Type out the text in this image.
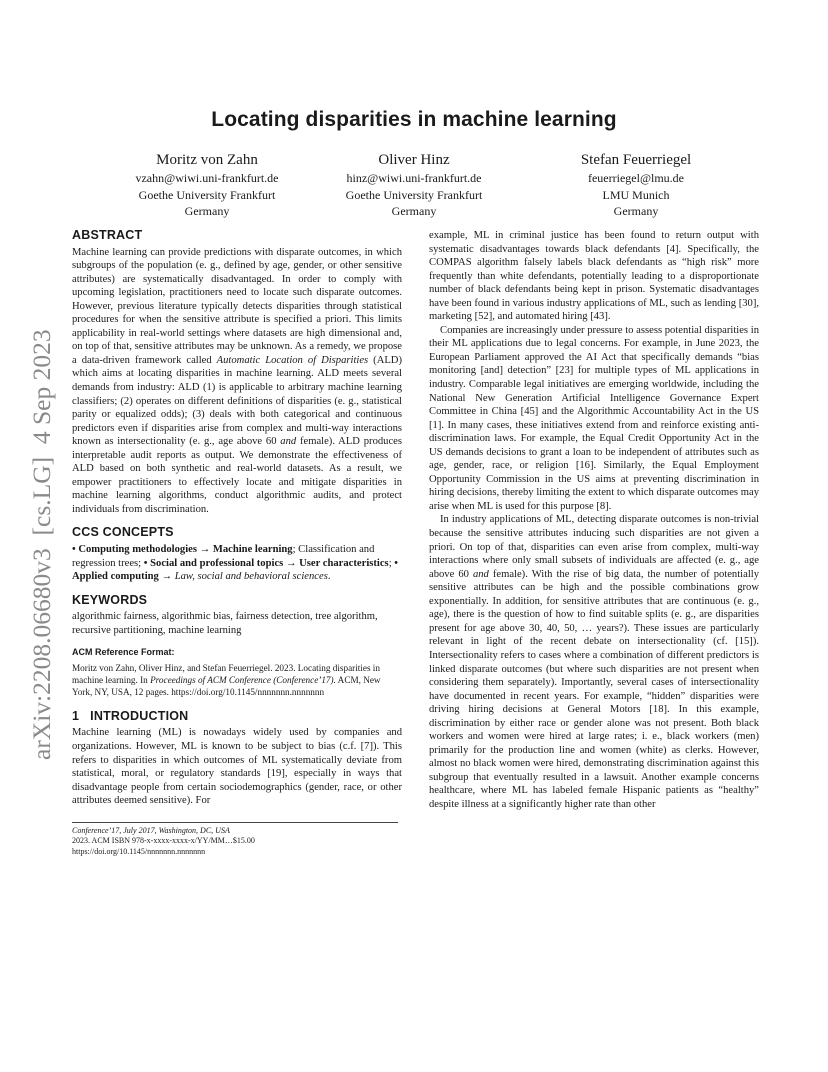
arXiv:2208.06680v3  [cs.LG]  4 Sep 2023
Locating disparities in machine learning
Moritz von Zahn
vzahn@wiwi.uni-frankfurt.de
Goethe University Frankfurt
Germany
Oliver Hinz
hinz@wiwi.uni-frankfurt.de
Goethe University Frankfurt
Germany
Stefan Feuerriegel
feuerriegel@lmu.de
LMU Munich
Germany
ABSTRACT

Machine learning can provide predictions with disparate outcomes, in which subgroups of the population (e. g., defined by age, gender, or other sensitive attributes) are systematically disadvantaged. In order to comply with upcoming legislation, practitioners need to locate such disparate outcomes. However, previous literature typically detects disparities through statistical procedures for when the sensitive attribute is specified a priori. This limits applicability in real-world settings where datasets are high dimensional and, on top of that, sensitive attributes may be unknown. As a remedy, we propose a data-driven framework called Automatic Location of Disparities (ALD) which aims at locating disparities in machine learning. ALD meets several demands from industry: ALD (1) is applicable to arbitrary machine learning classifiers; (2) operates on different definitions of disparities (e. g., statistical parity or equalized odds); (3) deals with both categorical and continuous predictors even if disparities arise from complex and multi-way interactions known as intersectionality (e. g., age above 60 and female). ALD produces interpretable audit reports as output. We demonstrate the effectiveness of ALD based on both synthetic and real-world datasets. As a result, we empower practitioners to effectively locate and mitigate disparities in machine learning algorithms, conduct algorithmic audits, and protect individuals from discrimination.

CCS CONCEPTS

• Computing methodologies → Machine learning; Classification and regression trees; • Social and professional topics → User characteristics; • Applied computing → Law, social and behavioral sciences.

KEYWORDS

algorithmic fairness, algorithmic bias, fairness detection, tree algorithm, recursive partitioning, machine learning

ACM Reference Format:
Moritz von Zahn, Oliver Hinz, and Stefan Feuerriegel. 2023. Locating disparities in machine learning. In Proceedings of ACM Conference (Conference’17). ACM, New York, NY, USA, 12 pages. https://doi.org/10.1145/nnnnnnn.nnnnnnn
1   INTRODUCTION

Machine learning (ML) is nowadays widely used by companies and organizations. However, ML is known to be subject to bias (c.f. [7]). This refers to disparities in which outcomes of ML systematically deviate from statistical, moral, or regulatory standards [19], especially in ways that disadvantage people from certain sociodemographics (gender, race, or other attributes deemed sensitive). For

Conference’17, July 2017, Washington, DC, USA
2023. ACM ISBN 978-x-xxxx-xxxx-x/YY/MM…$15.00
https://doi.org/10.1145/nnnnnnn.nnnnnnn

example, ML in criminal justice has been found to return output with systematic disadvantages towards black defendants [4]. Specifically, the COMPAS algorithm falsely labels black defendants as “high risk” more frequently than white defendants, potentially leading to a disproportionate number of black defendants being kept in prison. Systematic disadvantages have been found in various industry applications of ML, such as lending [30], marketing [52], and automated hiring [43].

Companies are increasingly under pressure to assess potential disparities in their ML applications due to legal concerns. For example, in June 2023, the European Parliament approved the AI Act that specifically demands “bias monitoring [and] detection” [23] for multiple types of ML applications in industry. Comparable legal initiatives are emerging worldwide, including the National New Generation Artificial Intelligence Governance Expert Committee in China [45] and the Algorithmic Accountability Act in the US [1]. In many cases, these initiatives extend from and reinforce existing anti-discrimination laws. For example, the Equal Credit Opportunity Act in the US demands decisions to grant a loan to be independent of attributes such as age, gender, race, or religion [16]. Similarly, the Equal Employment Opportunity Commission in the US aims at preventing discrimination in hiring decisions, thereby limiting the extent to which disparate outcomes may arise when ML is used for this purpose [8].

In industry applications of ML, detecting disparate outcomes is non-trivial because the sensitive attributes inducing such disparities are not given a priori. On top of that, disparities can even arise from complex, multi-way interactions where only small subsets of individuals are affected (e. g., age above 60 and female). With the rise of big data, the number of potentially sensitive attributes can be high and the possible combinations grow exponentially. In addition, for sensitive attributes that are continuous (e. g., age), there is the question of how to find suitable splits (e. g., are disparities present for age above 30, 40, 50, … years?). These issues are particularly relevant in light of the recent debate on intersectionality (cf. [15]). Intersectionality refers to cases where a combination of different predictors is linked disparate outcomes (but where such disparities are not present when considering them separately). Importantly, several cases of intersectionality have documented in recent years. For example, “hidden” disparities were driving hiring decisions at General Motors [18]. In this example, discrimination by either race or gender alone was not present. Both black workers and women were hired at large rates; i. e., black workers (men) primarily for the production line and women (white) as clerks. However, almost no black women were hired, demonstrating discrimination against this subgroup that eventually resulted in a lawsuit. Another example concerns healthcare, where ML has labeled female Hispanic patients as “healthy” despite illness at a significantly higher rate than other
